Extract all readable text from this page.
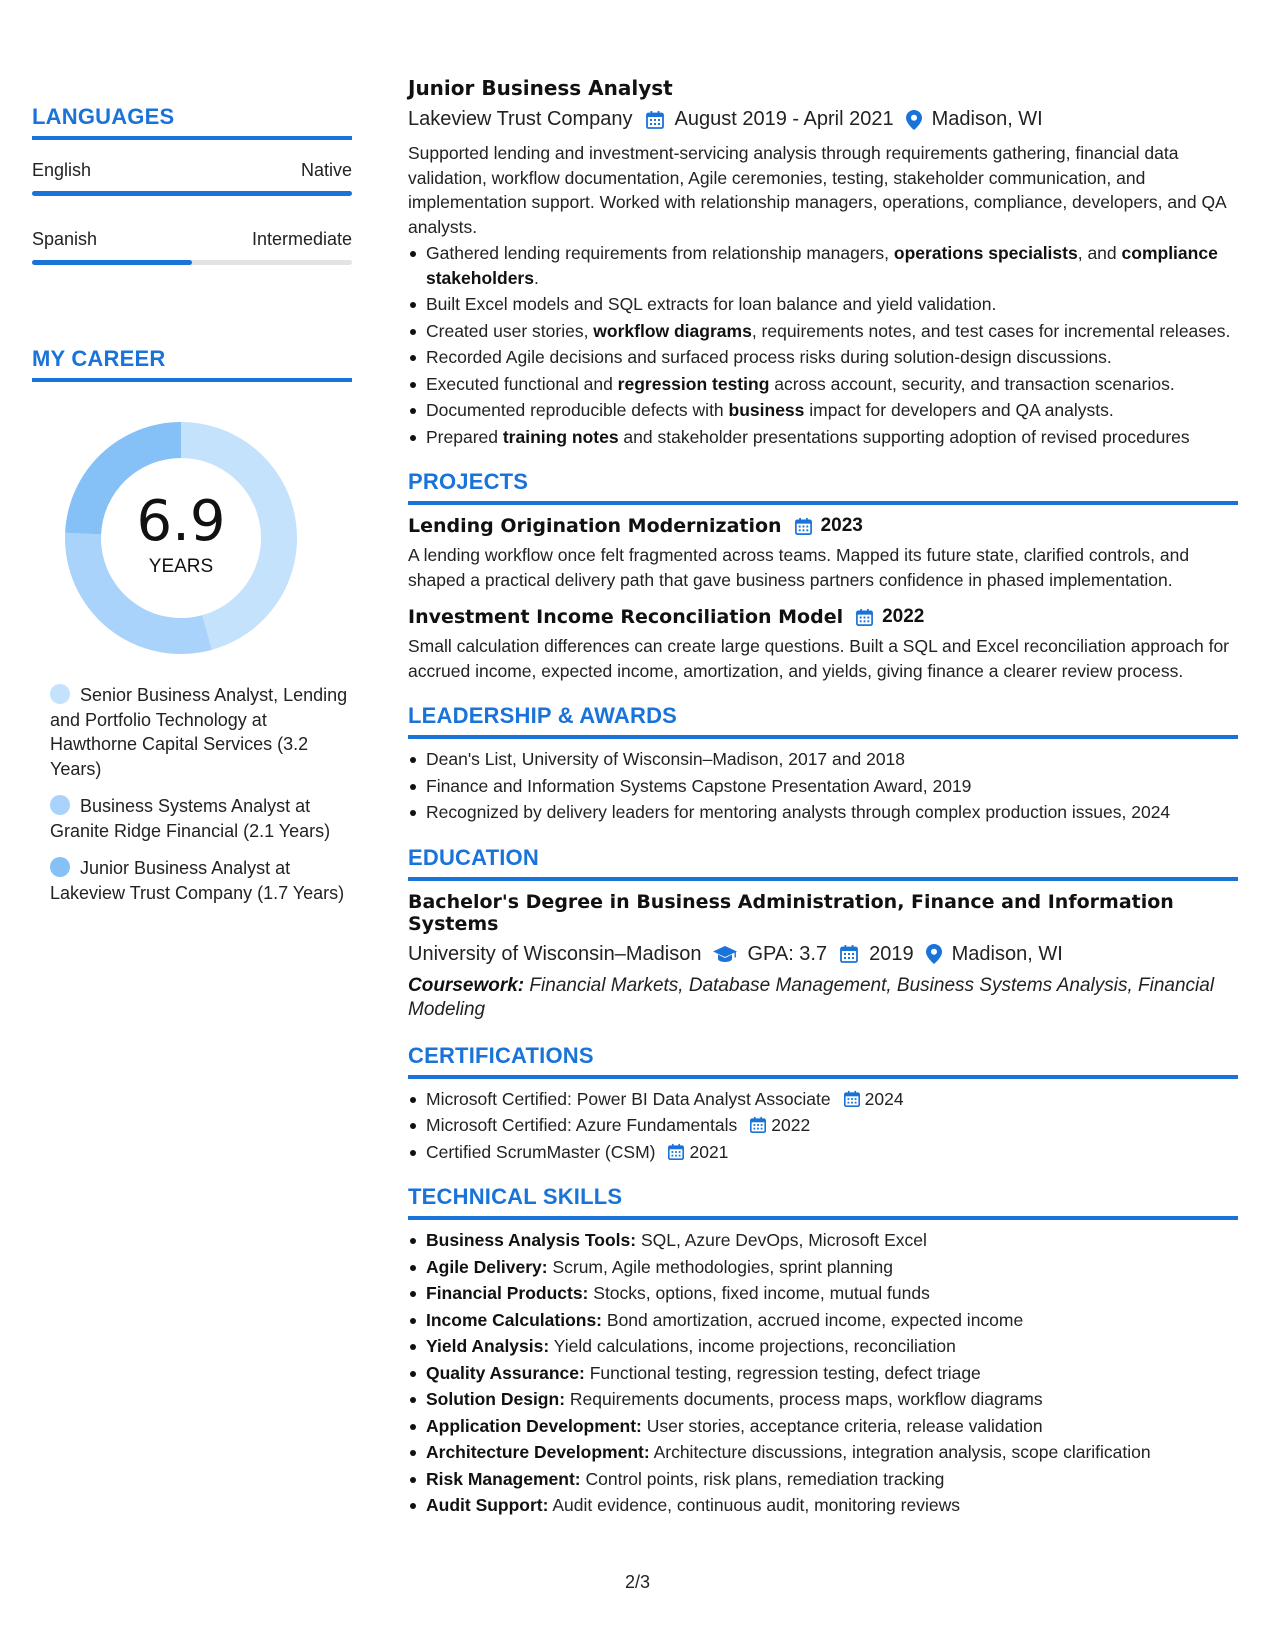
LANGUAGES
English	Native
Spanish	Intermediate
MY CAREER
6.9
YEARS
Senior Business Analyst, Lending and Portfolio Technology at Hawthorne Capital Services (3.2 Years)
Business Systems Analyst at Granite Ridge Financial (2.1 Years)
Junior Business Analyst at Lakeview Trust Company (1.7 Years)
Junior Business Analyst
Lakeview Trust Company August 2019 - April 2021 Madison, WI

Supported lending and investment-servicing analysis through requirements gathering, financial data validation, workflow documentation, Agile ceremonies, testing, stakeholder communication, and implementation support. Worked with relationship managers, operations, compliance, developers, and QA analysts.

Gathered lending requirements from relationship managers, operations specialists, and compliance stakeholders.
Built Excel models and SQL extracts for loan balance and yield validation.
Created user stories, workflow diagrams, requirements notes, and test cases for incremental releases.
Recorded Agile decisions and surfaced process risks during solution-design discussions.
Executed functional and regression testing across account, security, and transaction scenarios.
Documented reproducible defects with business impact for developers and QA analysts.
Prepared training notes and stakeholder presentations supporting adoption of revised procedures
PROJECTS
Lending Origination Modernization 2023

A lending workflow once felt fragmented across teams. Mapped its future state, clarified controls, and shaped a practical delivery path that gave business partners confidence in phased implementation.

Investment Income Reconciliation Model 2022

Small calculation differences can create large questions. Built a SQL and Excel reconciliation approach for accrued income, expected income, amortization, and yields, giving finance a clearer review process.

LEADERSHIP & AWARDS
Dean's List, University of Wisconsin–Madison, 2017 and 2018
Finance and Information Systems Capstone Presentation Award, 2019
Recognized by delivery leaders for mentoring analysts through complex production issues, 2024
EDUCATION
Bachelor's Degree in Business Administration, Finance and Information Systems
University of Wisconsin–Madison GPA: 3.7 2019 Madison, WI
Coursework: Financial Markets, Database Management, Business Systems Analysis, Financial Modeling
CERTIFICATIONS
Microsoft Certified: Power BI Data Analyst Associate 2024
Microsoft Certified: Azure Fundamentals 2022
Certified ScrumMaster (CSM) 2021
TECHNICAL SKILLS
Business Analysis Tools: SQL, Azure DevOps, Microsoft Excel
Agile Delivery: Scrum, Agile methodologies, sprint planning
Financial Products: Stocks, options, fixed income, mutual funds
Income Calculations: Bond amortization, accrued income, expected income
Yield Analysis: Yield calculations, income projections, reconciliation
Quality Assurance: Functional testing, regression testing, defect triage
Solution Design: Requirements documents, process maps, workflow diagrams
Application Development: User stories, acceptance criteria, release validation
Architecture Development: Architecture discussions, integration analysis, scope clarification
Risk Management: Control points, risk plans, remediation tracking
Audit Support: Audit evidence, continuous audit, monitoring reviews
2/3
